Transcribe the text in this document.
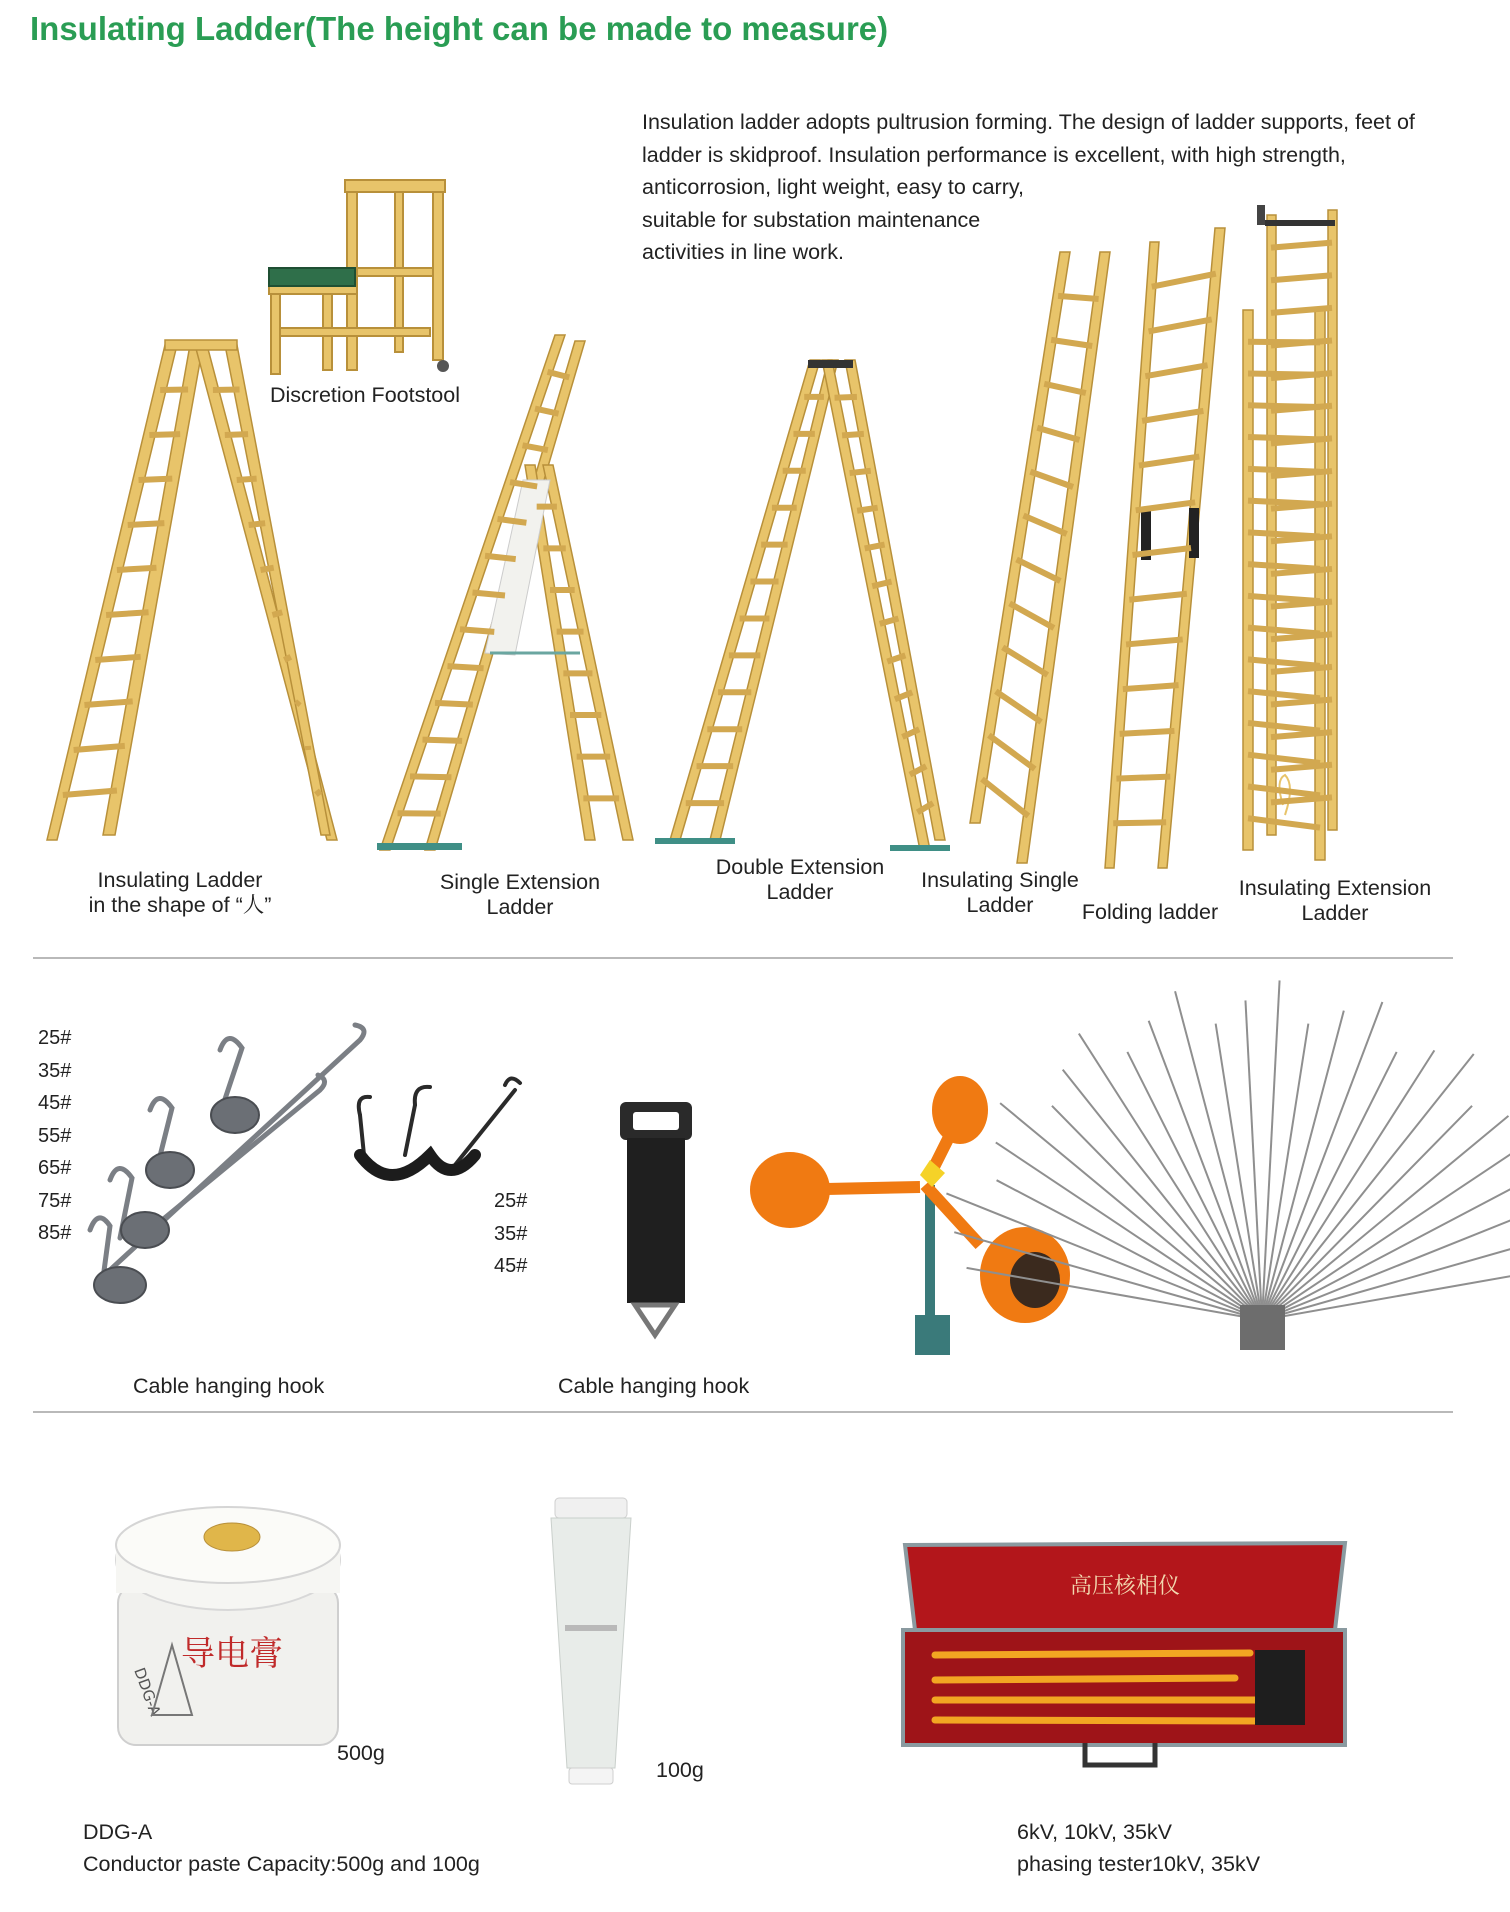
Insulating Ladder(The height can be made to measure)
Insulation ladder adopts pultrusion forming. The design of ladder supports, feet of
ladder is skidproof. Insulation performance is excellent, with high strength,
anticorrosion, light weight, easy to carry,
suitable for substation maintenance
activities in line work.
Insulating Ladder
in the shape of “人”
Discretion Footstool
Single Extension
Ladder
Double Extension
Ladder	Insulating Single
Ladder	Folding ladder
Insulating Extension
Ladder
25#
35#
45#
55#
65#
75#
85#
25#
35#
45#
Cable hanging hook	Cable hanging hook
导电膏
DDG-A
500g
100g
DDG-A
Conductor paste Capacity:500g and 100g
高压核相仪
6kV, 10kV, 35kV
phasing tester10kV, 35kV
